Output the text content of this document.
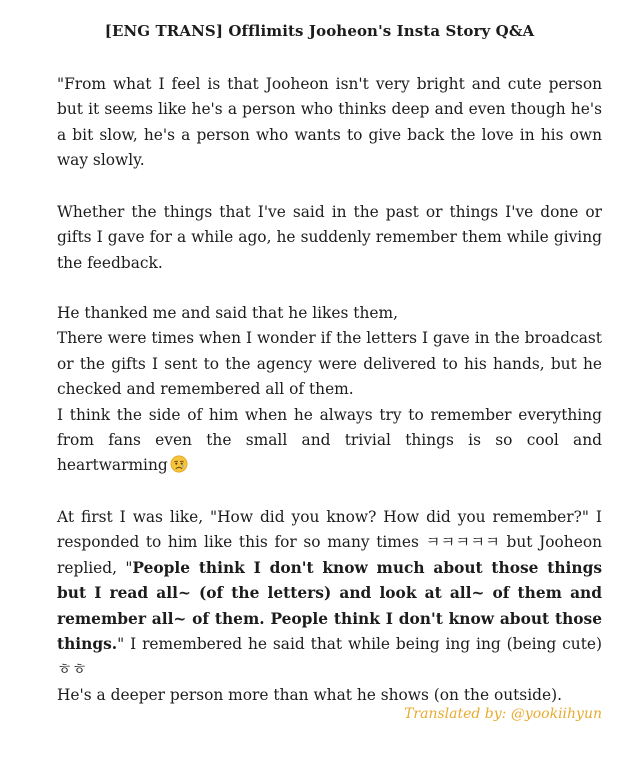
[ENG TRANS] Offlimits Jooheon's Insta Story Q&A
"From what I feel is that Jooheon isn't very bright and cute person but it seems like he's a person who thinks deep and even though he's a bit slow, he's a person who wants to give back the love in his own way slowly.
Whether the things that I've said in the past or things I've done or gifts I gave for a while ago, he suddenly remember them while giving the feedback.
He thanked me and said that he likes them,
There were times when I wonder if the letters I gave in the broadcast or the gifts I sent to the agency were delivered to his hands, but he checked and remembered all of them.
I think the side of him when he always try to remember everything from fans even the small and trivial things is so cool and heartwarming
At first I was like, "How did you know? How did you remember?" I responded to him like this for so many times ㅋㅋㅋㅋㅋ but Jooheon replied, "People think I don't know much about those things but I read all~ (of the letters) and look at all~ of them and remember all~ of them. People think I don't know about those things." I remembered he said that while being ing ing (being cute) ㅎㅎ
He's a deeper person more than what he shows (on the outside).
Translated by: @yookiihyun
